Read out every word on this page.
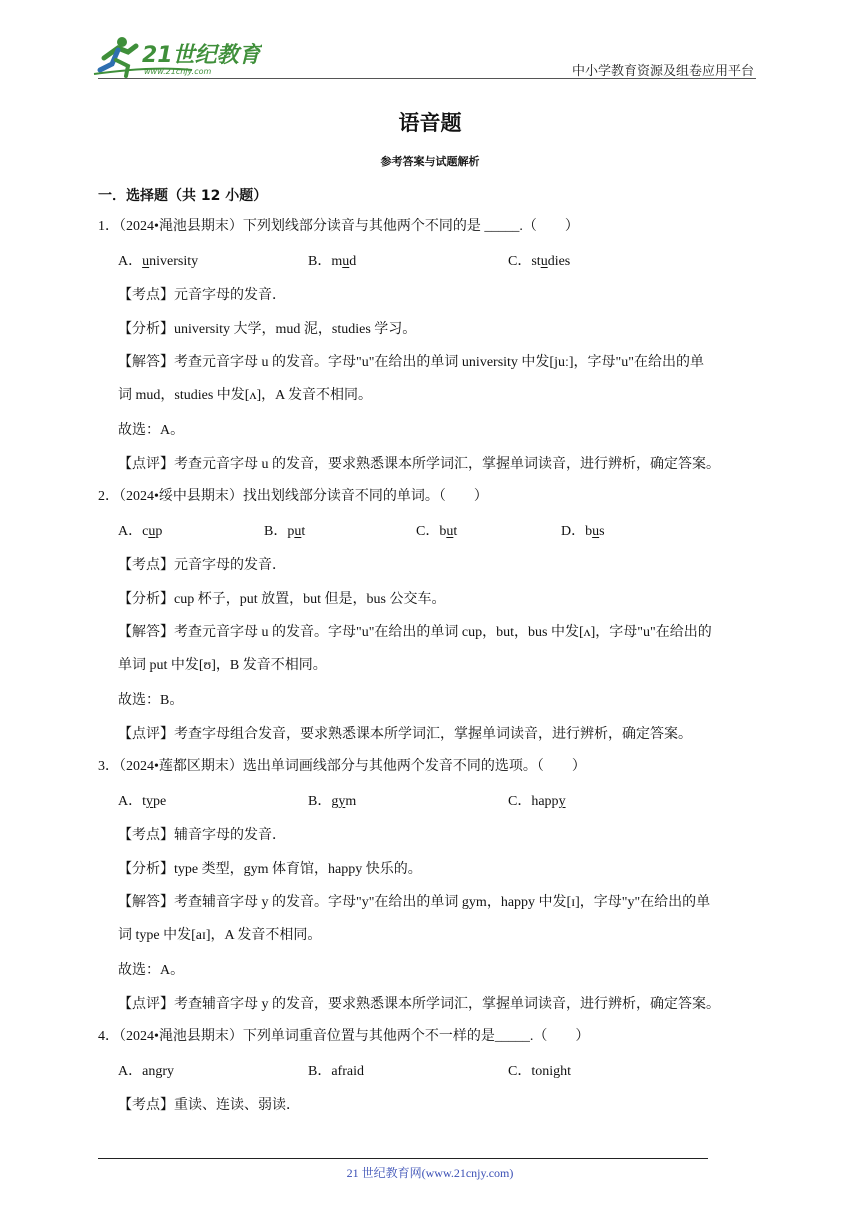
21世纪教育
www.21cnjy.com	中小学教育资源及组卷应用平台
语音题
参考答案与试题解析
一．选择题（共 12 小题）
1．（2024•渑池县期末）下列划线部分读音与其他两个不同的是 _____.（　　）
A．university	B．mud	C．studies
【考点】元音字母的发音．
【分析】university 大学，mud 泥，studies 学习。
【解答】考查元音字母 u 的发音。字母"u"在给出的单词 university 中发[juː]，字母"u"在给出的单
词 mud，studies 中发[ʌ]，A 发音不相同。
故选：A。
【点评】考查元音字母 u 的发音，要求熟悉课本所学词汇，掌握单词读音，进行辨析，确定答案。
2．（2024•绥中县期末）找出划线部分读音不同的单词。（　　）
A．cup	B．put	C．but	D．bus
【考点】元音字母的发音．
【分析】cup 杯子，put 放置，but 但是，bus 公交车。
【解答】考查元音字母 u 的发音。字母"u"在给出的单词 cup，but，bus 中发[ʌ]，字母"u"在给出的
单词 put 中发[ʊ]，B 发音不相同。
故选：B。
【点评】考查字母组合发音，要求熟悉课本所学词汇，掌握单词读音，进行辨析，确定答案。
3．（2024•莲都区期末）选出单词画线部分与其他两个发音不同的选项。（　　）
A．type	B．gym	C．happy
【考点】辅音字母的发音．
【分析】type 类型，gym 体育馆，happy 快乐的。
【解答】考查辅音字母 y 的发音。字母"y"在给出的单词 gym，happy 中发[ɪ]，字母"y"在给出的单
词 type 中发[aɪ]，A 发音不相同。
故选：A。
【点评】考查辅音字母 y 的发音，要求熟悉课本所学词汇，掌握单词读音，进行辨析，确定答案。
4．（2024•渑池县期末）下列单词重音位置与其他两个不一样的是_____.（　　）
A．angry	B．afraid	C．tonight
【考点】重读、连读、弱读．
21 世纪教育网(www.21cnjy.com)
